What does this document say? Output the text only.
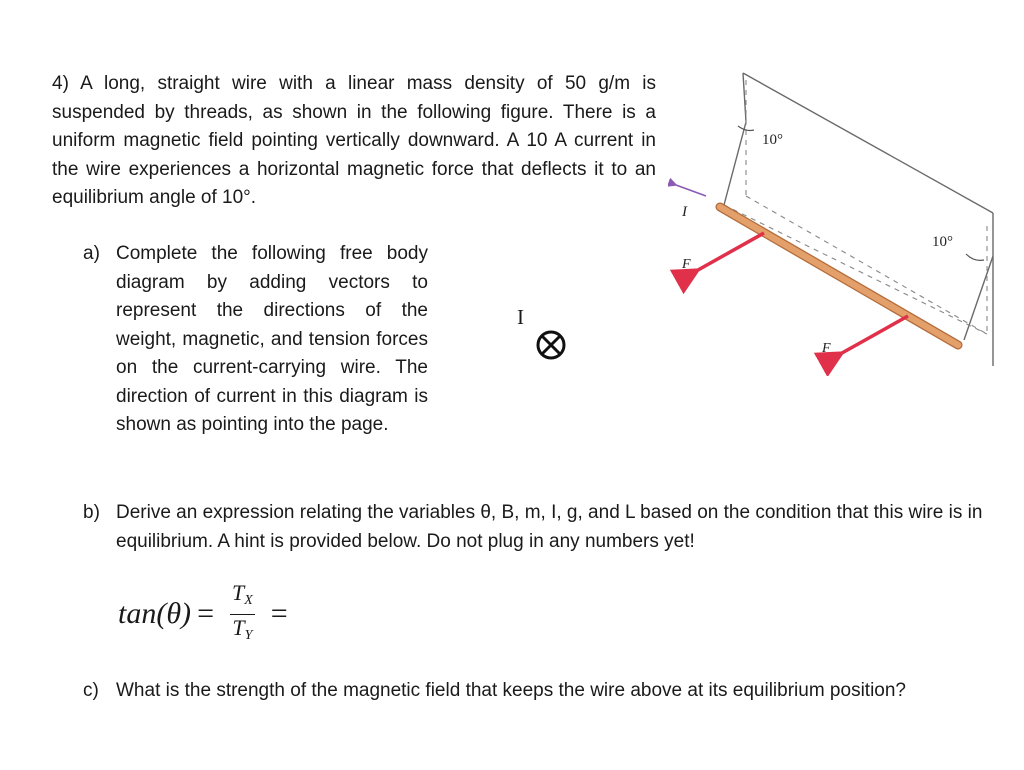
4) A long, straight wire with a linear mass density of 50 g/m is suspended by threads, as shown in the following figure. There is a uniform magnetic field pointing vertically downward. A 10 A current in the wire experiences a horizontal magnetic force that deflects it to an equilibrium angle of 10°.
a) Complete the following free body diagram by adding vectors to represent the directions of the weight, magnetic, and tension forces on the current-carrying wire. The direction of current in this diagram is shown as pointing into the page.
I
b) Derive an expression relating the variables θ, B, m, I, g, and L based on the condition that this wire is in equilibrium. A hint is provided below. Do not plug in any numbers yet!
$\tan(\theta) = \frac{T_X}{T_Y}$ =
c) What is the strength of the magnetic field that keeps the wire above at its equilibrium position?
10°
10°
I
F
F
